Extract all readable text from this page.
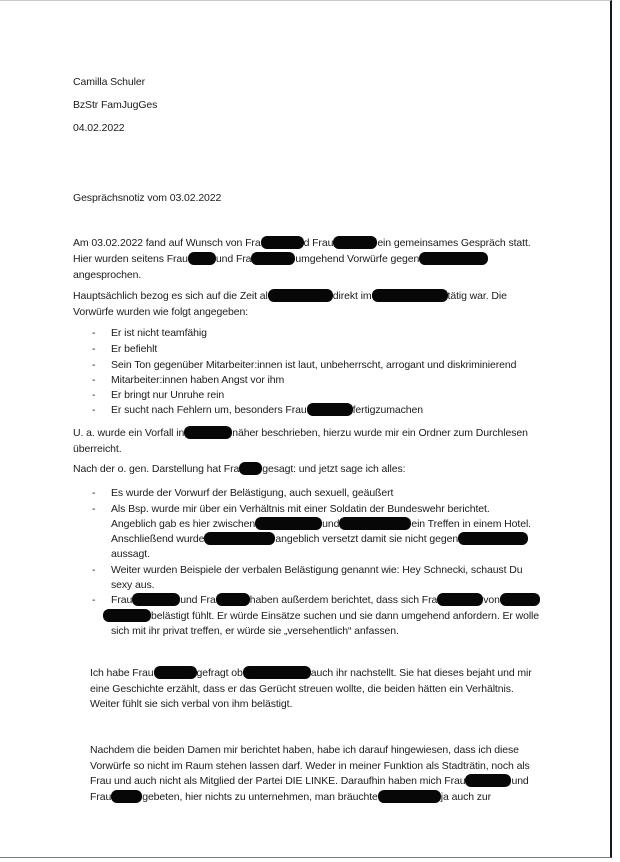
Camilla Schuler
BzStr FamJugGes
04.02.2022
Gesprächsnotiz vom 03.02.2022
Am 03.02.2022 fand auf Wunsch von Fra	d Frau	ein gemeinsames Gespräch statt.
Hier wurden seitens Frau	und Fra	umgehend Vorwürfe gegen
angesprochen.
Hauptsächlich bezog es sich auf die Zeit al	direkt im	tätig war. Die
Vorwürfe wurden wie folgt angegeben:
- Er ist nicht teamfähig
- Er befiehlt
- Sein Ton gegenüber Mitarbeiter:innen ist laut, unbeherrscht, arrogant und diskriminierend
- Mitarbeiter:innen haben Angst vor ihm
- Er bringt nur Unruhe rein
- Er sucht nach Fehlern um, besonders Frau	fertigzumachen
U. a. wurde ein Vorfall in	näher beschrieben, hierzu wurde mir ein Ordner zum Durchlesen
überreicht.
Nach der o. gen. Darstellung hat Fra gesagt: und jetzt sage ich alles:
- Es wurde der Vorwurf der Belästigung, auch sexuell, geäußert
- Als Bsp. wurde mir über ein Verhältnis mit einer Soldatin der Bundeswehr berichtet.
Angeblich gab es hier zwischen	und	ein Treffen in einem Hotel.
Anschließend wurde	angeblich versetzt damit sie nicht gegen
aussagt.
- Weiter wurden Beispiele der verbalen Belästigung genannt wie: Hey Schnecki, schaust Du
sexy aus.
- Frau	und Fra	haben außerdem berichtet, dass sich Fra	von
belästigt fühlt. Er würde Einsätze suchen und sie dann umgehend anfordern. Er wolle
sich mit ihr privat treffen, er würde sie „versehentlich“ anfassen.
Ich habe Frau	gefragt ob	auch ihr nachstellt. Sie hat dieses bejaht und mir
eine Geschichte erzählt, dass er das Gerücht streuen wollte, die beiden hätten ein Verhältnis.
Weiter fühlt sie sich verbal von ihm belästigt.
Nachdem die beiden Damen mir berichtet haben, habe ich darauf hingewiesen, dass ich diese
Vorwürfe so nicht im Raum stehen lassen darf. Weder in meiner Funktion als Stadträtin, noch als
Frau und auch nicht als Mitglied der Partei DIE LINKE. Daraufhin haben mich Frau	und
Frau	gebeten, hier nichts zu unternehmen, man bräuchte	ja auch zur
